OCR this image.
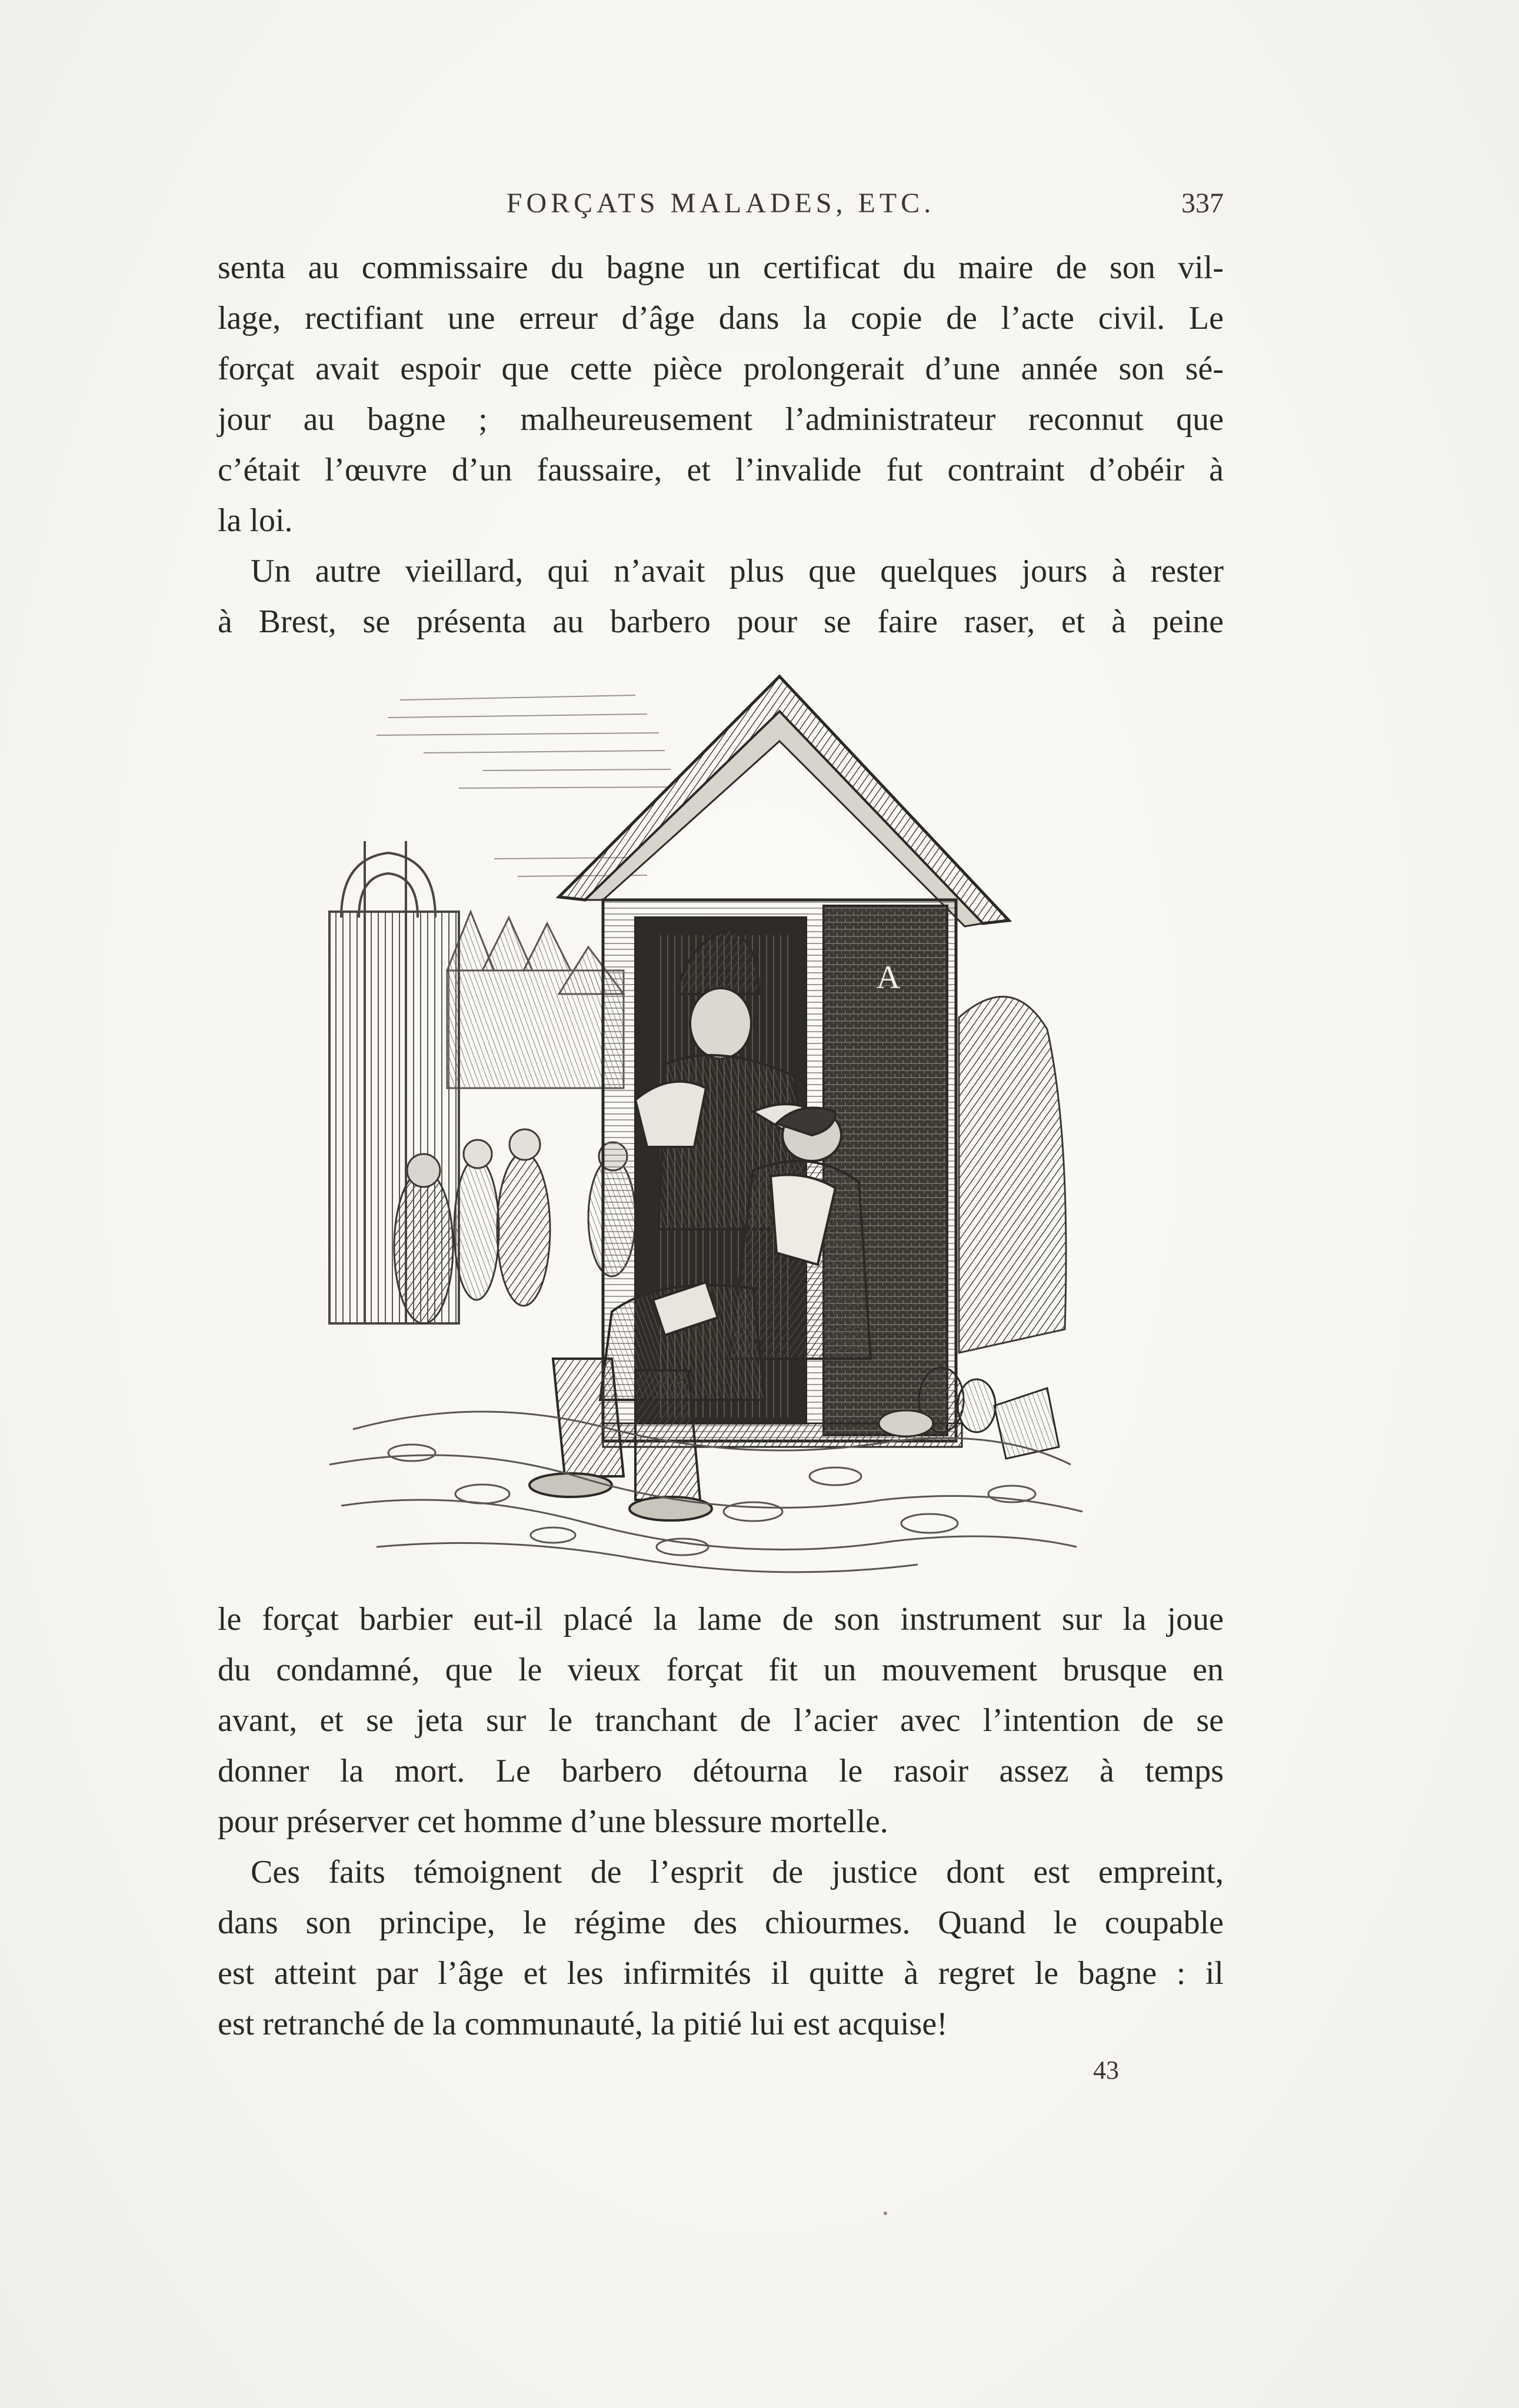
FORÇATS MALADES, ETC.	337
senta au commissaire du bagne un certificat du maire de son vil-
lage, rectifiant une erreur d’âge dans la copie de l’acte civil. Le
forçat avait espoir que cette pièce prolongerait d’une année son sé-
jour au bagne ; malheureusement l’administrateur reconnut que
c’était l’œuvre d’un faussaire, et l’invalide fut contraint d’obéir à
la loi.
Un autre vieillard, qui n’avait plus que quelques jours à rester
à Brest, se présenta au barbero pour se faire raser, et à peine
A
le forçat barbier eut-il placé la lame de son instrument sur la joue
du condamné, que le vieux forçat fit un mouvement brusque en
avant, et se jeta sur le tranchant de l’acier avec l’intention de se
donner la mort. Le barbero détourna le rasoir assez à temps
pour préserver cet homme d’une blessure mortelle.
Ces faits témoignent de l’esprit de justice dont est empreint,
dans son principe, le régime des chiourmes. Quand le coupable
est atteint par l’âge et les infirmités il quitte à regret le bagne : il
est retranché de la communauté, la pitié lui est acquise!
43
